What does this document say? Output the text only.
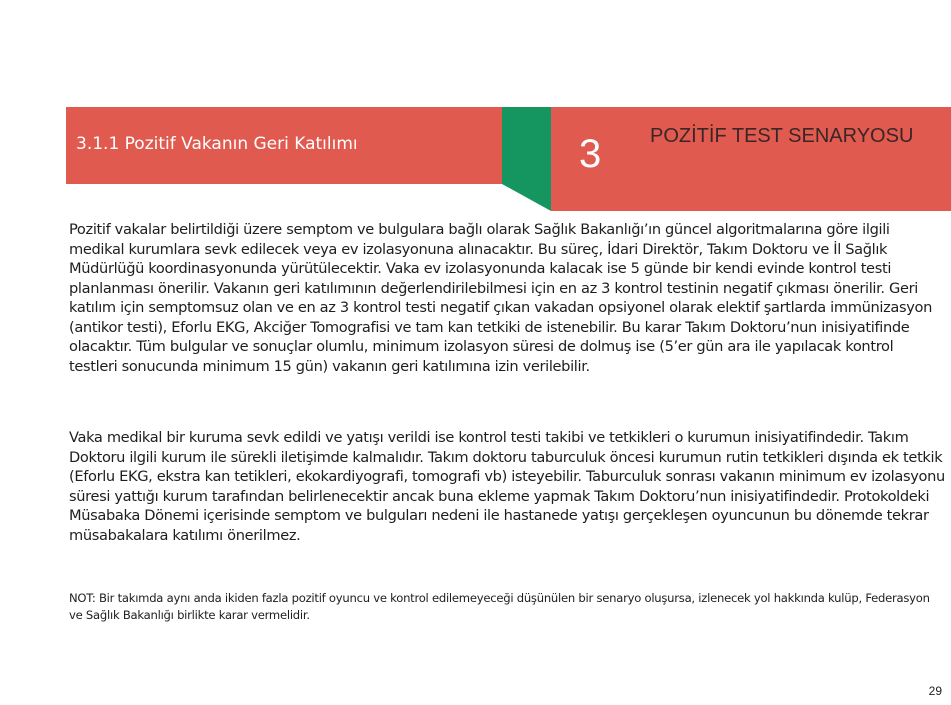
3.1.1 Pozitif Vakanın Geri Katılımı	3 POZİTİF TEST SENARYOSU

Pozitif vakalar belirtildiği üzere semptom ve bulgulara bağlı olarak Sağlık Bakanlığı’ın güncel algoritmalarına göre ilgili medikal kurumlara sevk edilecek veya ev izolasyonuna alınacaktır. Bu süreç, İdari Direktör, Takım Doktoru ve İl Sağlık Müdürlüğü koordinasyonunda yürütülecektir. Vaka ev izolasyonunda kalacak ise 5 günde bir kendi evinde kontrol testi planlanması önerilir. Vakanın geri katılımının değerlendirilebilmesi için en az 3 kontrol testinin negatif çıkması önerilir. Geri katılım için semptomsuz olan ve en az 3 kontrol testi negatif çıkan vakadan opsiyonel olarak elektif şartlarda immünizasyon (antikor testi), Eforlu EKG, Akciğer Tomografisi ve tam kan tetkiki de istenebilir. Bu karar Takım Doktoru’nun inisiyatifinde olacaktır. Tüm bulgular ve sonuçlar olumlu, minimum izolasyon süresi de dolmuş ise (5’er gün ara ile yapılacak kontrol testleri sonucunda minimum 15 gün) vakanın geri katılımına izin verilebilir.

Vaka medikal bir kuruma sevk edildi ve yatışı verildi ise kontrol testi takibi ve tetkikleri o kurumun inisiyatifindedir. Takım Doktoru ilgili kurum ile sürekli iletişimde kalmalıdır. Takım doktoru taburculuk öncesi kurumun rutin tetkikleri dışında ek tetkik (Eforlu EKG, ekstra kan tetikleri, ekokardiyografi, tomografi vb) isteyebilir. Taburculuk sonrası vakanın minimum ev izolasyonu süresi yattığı kurum tarafından belirlenecektir ancak buna ekleme yapmak Takım Doktoru’nun inisiyatifindedir. Protokoldeki Müsabaka Dönemi içerisinde semptom ve bulguları nedeni ile hastanede yatışı gerçekleşen oyuncunun bu dönemde tekrar müsabakalara katılımı önerilmez.

NOT: Bir takımda aynı anda ikiden fazla pozitif oyuncu ve kontrol edilemeyeceği düşünülen bir senaryo oluşursa, izlenecek yol hakkında kulüp, Federasyon ve Sağlık Bakanlığı birlikte karar vermelidir.

29
